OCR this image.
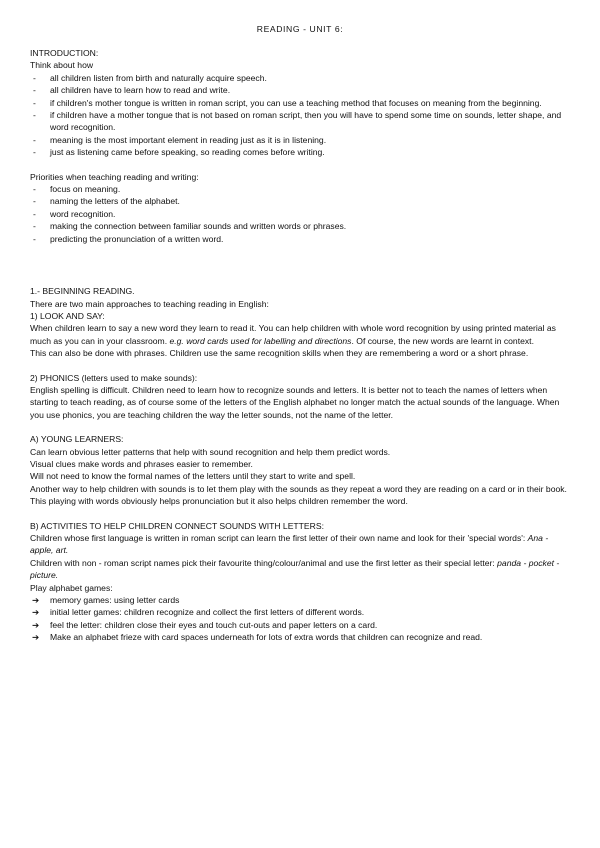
READING - UNIT 6:

INTRODUCTION:

Think about how

- all children listen from birth and naturally acquire speech.
- all children have to learn how to read and write.
- if children's mother tongue is written in roman script, you can use a teaching method that focuses on meaning from the beginning.
- if children have a mother tongue that is not based on roman script, then you will have to spend some time on sounds, letter shape, and word recognition.
- meaning is the most important element in reading just as it is in listening.
- just as listening came before speaking, so reading comes before writing.

Priorities when teaching reading and writing:

- focus on meaning.
- naming the letters of the alphabet.
- word recognition.
- making the connection between familiar sounds and written words or phrases.
- predicting the pronunciation of a written word.

1.- BEGINNING READING.

There are two main approaches to teaching reading in English:

1) LOOK AND SAY:

When children learn to say a new word they learn to read it. You can help children with whole word recognition by using printed material as much as you can in your classroom. e.g. word cards used for labelling and directions. Of course, the new words are learnt in context.

This can also be done with phrases. Children use the same recognition skills when they are remembering a word or a short phrase.

2) PHONICS (letters used to make sounds):

English spelling is difficult. Children need to learn how to recognize sounds and letters. It is better not to teach the names of letters when starting to teach reading, as of course some of the letters of the English alphabet no longer match the actual sounds of the language. When you use phonics, you are teaching children the way the letter sounds, not the name of the letter.

A) YOUNG LEARNERS:

Can learn obvious letter patterns that help with sound recognition and help them predict words.

Visual clues make words and phrases easier to remember.

Will not need to know the formal names of the letters until they start to write and spell.

Another way to help children with sounds is to let them play with the sounds as they repeat a word they are reading on a card or in their book.

This playing with words obviously helps pronunciation but it also helps children remember the word.

B) ACTIVITIES TO HELP CHILDREN CONNECT SOUNDS WITH LETTERS:

Children whose first language is written in roman script can learn the first letter of their own name and look for their 'special words': Ana - apple, art.

Children with non - roman script names pick their favourite thing/colour/animal and use the first letter as their special letter: panda - pocket - picture.

Play alphabet games:

➔ memory games: using letter cards
➔ initial letter games: children recognize and collect the first letters of different words.
➔ feel the letter: children close their eyes and touch cut-outs and paper letters on a card.
➔ Make an alphabet frieze with card spaces underneath for lots of extra words that children can recognize and read.
